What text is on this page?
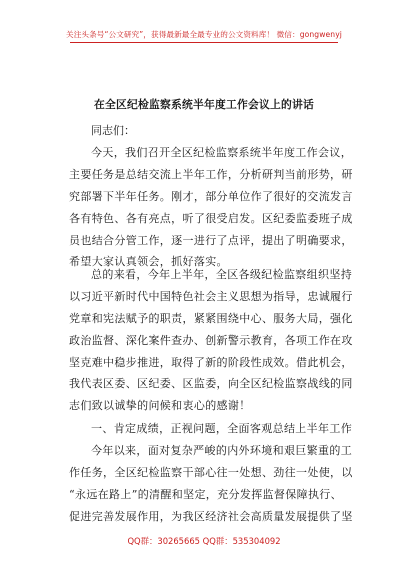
关注头条号“公文研究”，获得最新最全最专业的公文资料库！ 微信：gongwenyj
在全区纪检监察系统半年度工作会议上的讲话
同志们：
今天，我们召开全区纪检监察系统半年度工作会议，
主要任务是总结交流上半年工作，分析研判当前形势，研
究部署下半年任务。刚才，部分单位作了很好的交流发言
各有特色、各有亮点，听了很受启发。区纪委监委班子成
员也结合分管工作，逐一进行了点评，提出了明确要求，
希望大家认真领会，抓好落实。
总的来看，今年上半年，全区各级纪检监察组织坚持
以习近平新时代中国特色社会主义思想为指导，忠诚履行
党章和宪法赋予的职责，紧紧围绕中心、服务大局，强化
政治监督、深化案件查办、创新警示教育，各项工作在攻
坚克难中稳步推进，取得了新的阶段性成效。借此机会，
我代表区委、区纪委、区监委，向全区纪检监察战线的同
志们致以诚挚的问候和衷心的感谢！
一、肯定成绩，正视问题，全面客观总结上半年工作
今年以来，面对复杂严峻的内外环境和艰巨繁重的工
作任务，全区纪检监察干部心往一处想、劲往一处使，以
“永远在路上”的清醒和坚定，充分发挥监督保障执行、
促进完善发展作用，为我区经济社会高质量发展提供了坚
QQ群：30265665 QQ群：535304092
